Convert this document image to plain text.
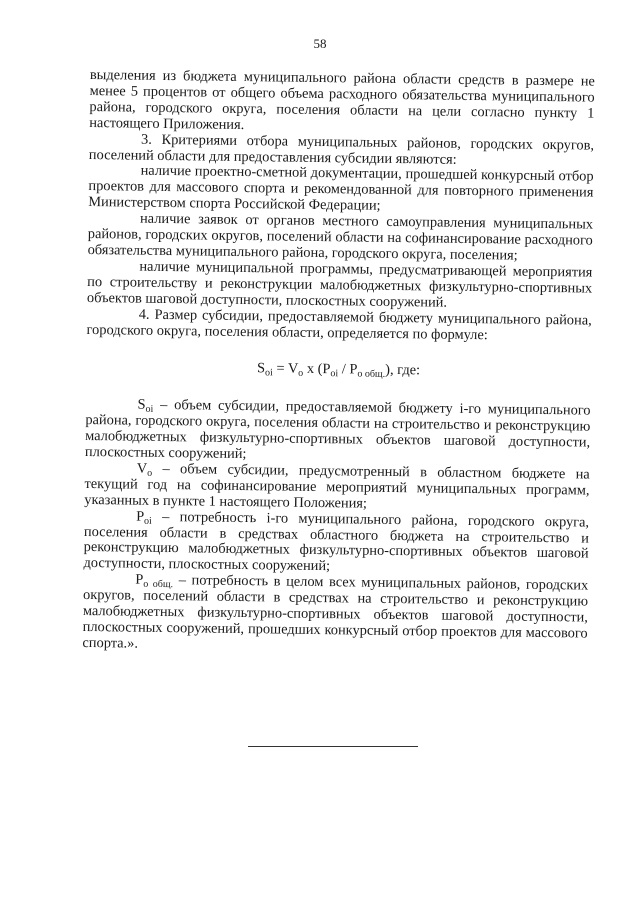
58

выделения из бюджета муниципального района области средств в размере не менее 5 процентов от общего объема расходного обязательства муниципального района, городского округа, поселения области на цели согласно пункту 1 настоящего Приложения.

3. Критериями отбора муниципальных районов, городских округов, поселений области для предоставления субсидии являются:

наличие проектно-сметной документации, прошедшей конкурсный отбор проектов для массового спорта и рекомендованной для повторного применения Министерством спорта Российской Федерации;

наличие заявок от органов местного самоуправления муниципальных районов, городских округов, поселений области на софинансирование расходного обязательства муниципального района, городского округа, поселения;

наличие муниципальной программы, предусматривающей мероприятия по строительству и реконструкции малобюджетных физкультурно-спортивных объектов шаговой доступности, плоскостных сооружений.

4. Размер субсидии, предоставляемой бюджету муниципального района, городского округа, поселения области, определяется по формуле:

$S_{oi} = V_o$ x $(P_{oi} / P_{о общ.})$, где:

$S_{oi}$ – объем субсидии, предоставляемой бюджету i-го муниципального района, городского округа, поселения области на строительство и реконструкцию малобюджетных физкультурно-спортивных объектов шаговой доступности, плоскостных сооружений;

$V_o$ – объем субсидии, предусмотренный в областном бюджете на текущий год на софинансирование мероприятий муниципальных программ, указанных в пункте 1 настоящего Положения;

$P_{oi}$ – потребность i-го муниципального района, городского округа, поселения области в средствах областного бюджета на строительство и реконструкцию малобюджетных физкультурно-спортивных объектов шаговой доступности, плоскостных сооружений;

$P_{о общ.}$ – потребность в целом всех муниципальных районов, городских округов, поселений области в средствах на строительство и реконструкцию малобюджетных физкультурно-спортивных объектов шаговой доступности, плоскостных сооружений, прошедших конкурсный отбор проектов для массового спорта.».
